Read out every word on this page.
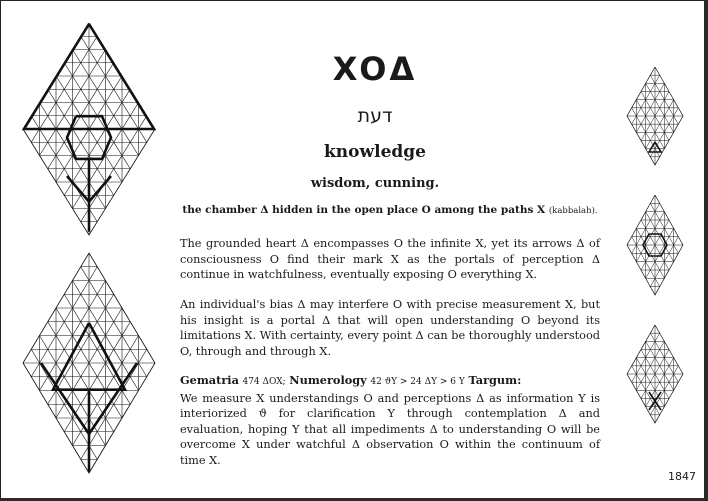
XOΔ
דעת
knowledge
wisdom, cunning.
the chamber Δ hidden in the open place O among the paths X (kabbalah).
The grounded heart Δ encompasses O the infinite X, yet its arrows Δ of consciousness O find their mark X as the portals of perception Δ continue in watchfulness, eventually exposing O everything X.
An individual's bias Δ may interfere O with precise measurement X, but his insight is a portal Δ that will open understanding O beyond its limitations X. With certainty, every point Δ can be thoroughly understood O, through and through X.
Gematria 474 ΔOX; Numerology 42 ϑY > 24 ΔY > 6 Y Targum:
We measure X understandings O and perceptions Δ as information Y is interiorized ϑ for clarification Y through contemplation Δ and evaluation, hoping Y that all impediments Δ to understanding O will be overcome X under watchful Δ observation O within the continuum of time X.
1847
